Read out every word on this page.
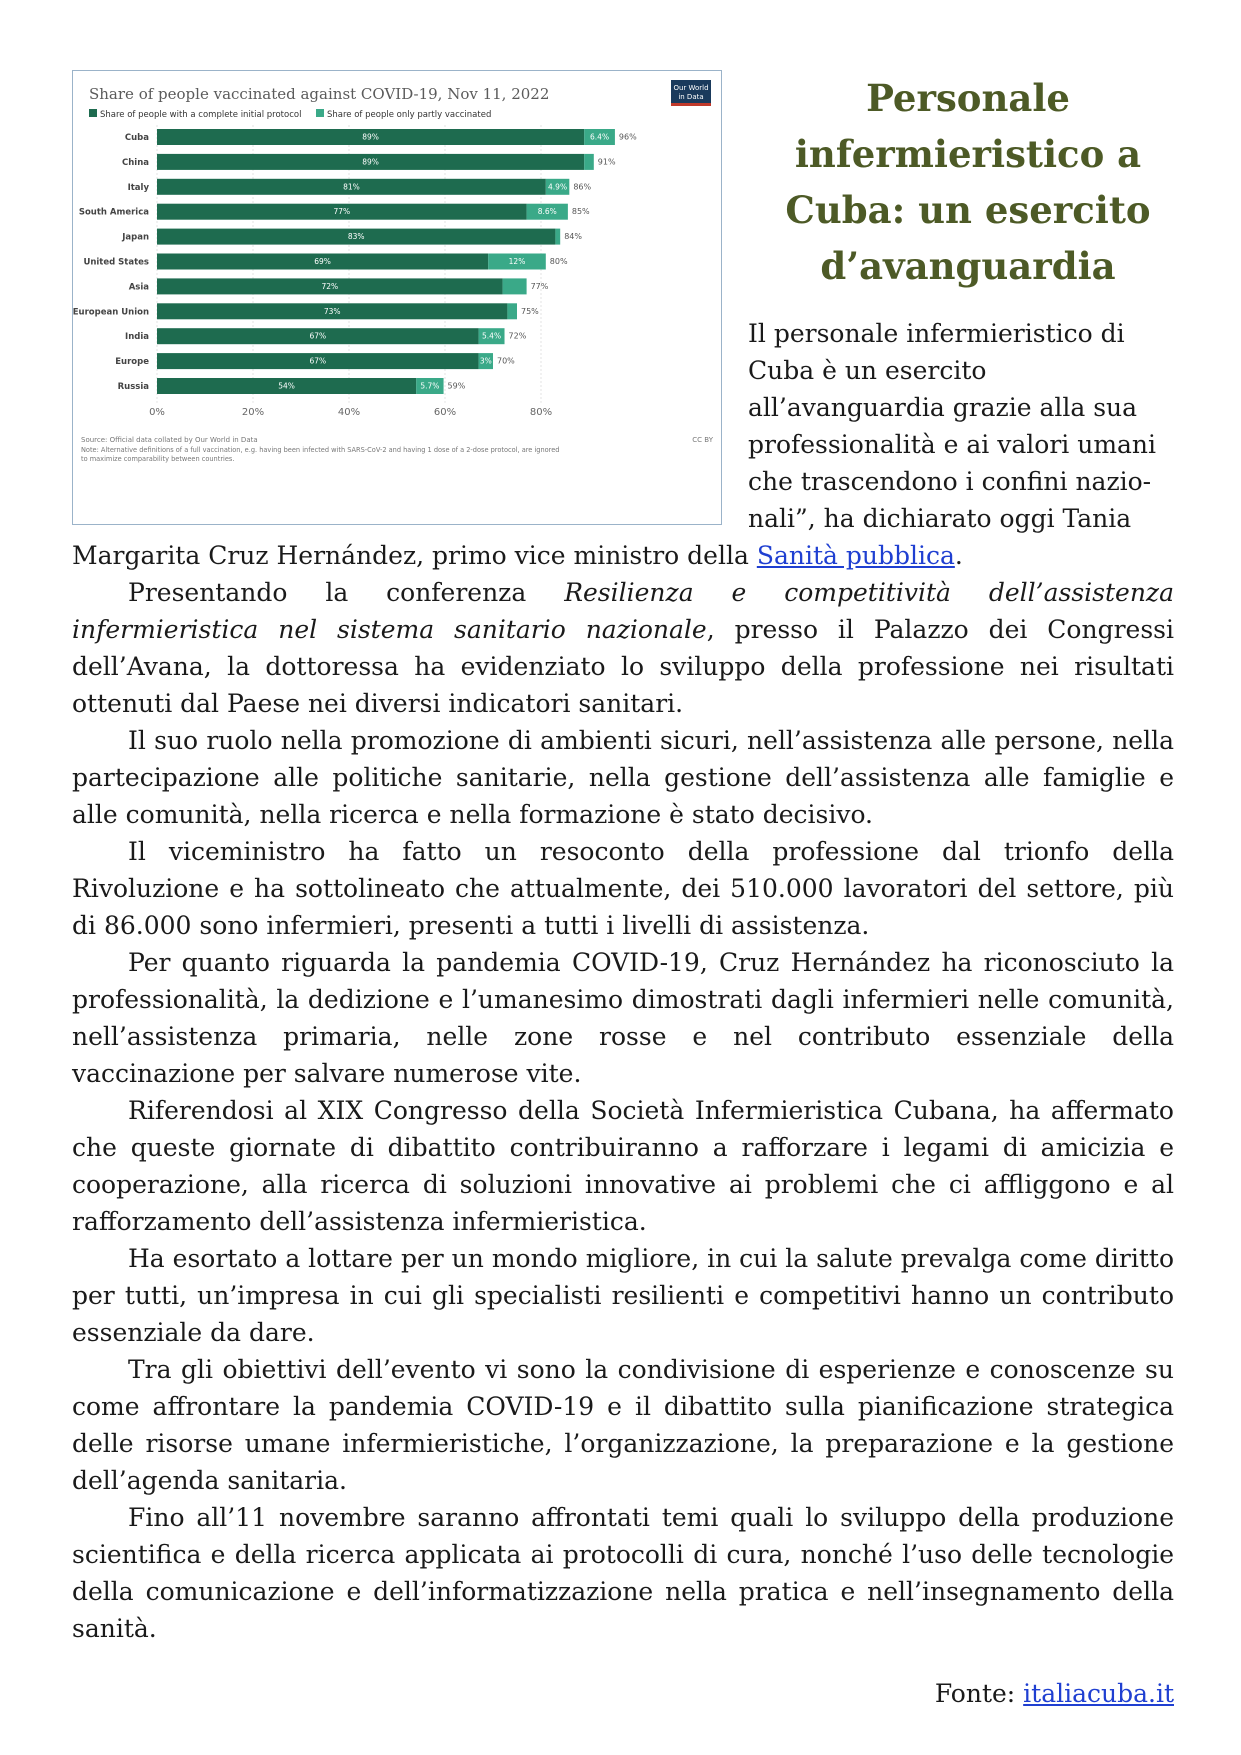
Share of people vaccinated against COVID-19, Nov 11, 2022	Our World
in Data
Share of people with a complete initial protocol	Share of people only partly vaccinated
0%	20%	40%	60%	80%
Cuba	89%	6.4% 96%
China	89%	91%
Italy	81%	4.9% 86%
South America	77%	8.6% 85%
Japan	83%	84%
United States	69%	12%	80%
Asia	72%	77%
European Union	73%	75%
India	67%	5.4% 72%
Europe	67%	3% 70%
Russia	54%	5.7% 59%
Source: Official data collated by Our World in Data	CC BY
Note: Alternative definitions of a full vaccination, e.g. having been infected with SARS-CoV-2 and having 1 dose of a 2-dose protocol, are ignored
to maximize comparability between countries.
Personale
infermieristico a
Cuba: un esercito
d’avanguardia
Il personale infermieristico di
Cuba è un esercito
all’avanguardia grazie alla sua
professionalità e ai valori umani
che trascendono i confini nazio-
nali”, ha dichiarato oggi Tania
Margarita Cruz Hernández, primo vice ministro della Sanità pubblica.

Presentando la conferenza Resilienza e competitività dell’assistenza infermieristica nel sistema sanitario nazionale, presso il Palazzo dei Congressi dell’Avana, la dottoressa ha evidenziato lo sviluppo della professione nei risultati ottenuti dal Paese nei diversi indicatori sanitari.

Il suo ruolo nella promozione di ambienti sicuri, nell’assistenza alle persone, nella partecipazione alle politiche sanitarie, nella gestione dell’assistenza alle famiglie e alle comunità, nella ricerca e nella formazione è stato decisivo.

Il viceministro ha fatto un resoconto della professione dal trionfo della Rivoluzione e ha sottolineato che attualmente, dei 510.000 lavoratori del settore, più di 86.000 sono infermieri, presenti a tutti i livelli di assistenza.

Per quanto riguarda la pandemia COVID-19, Cruz Hernández ha riconosciuto la professionalità, la dedizione e l’umanesimo dimostrati dagli infermieri nelle comunità, nell’assistenza primaria, nelle zone rosse e nel contributo essenziale della vaccinazione per salvare numerose vite.

Riferendosi al XIX Congresso della Società Infermieristica Cubana, ha affermato che queste giornate di dibattito contribuiranno a rafforzare i legami di amicizia e cooperazione, alla ricerca di soluzioni innovative ai problemi che ci affliggono e al rafforzamento dell’assistenza infermieristica.

Ha esortato a lottare per un mondo migliore, in cui la salute prevalga come diritto per tutti, un’impresa in cui gli specialisti resilienti e competitivi hanno un contributo essenziale da dare.

Tra gli obiettivi dell’evento vi sono la condivisione di esperienze e conoscenze su come affrontare la pandemia COVID-19 e il dibattito sulla pianificazione strategica delle risorse umane infermieristiche, l’organizzazione, la preparazione e la gestione dell’agenda sanitaria.

Fino all’11 novembre saranno affrontati temi quali lo sviluppo della produzione scientifica e della ricerca applicata ai protocolli di cura, nonché l’uso delle tecnologie della comunicazione e dell’informatizzazione nella pratica e nell’insegnamento della sanità.

Fonte: italiacuba.it
